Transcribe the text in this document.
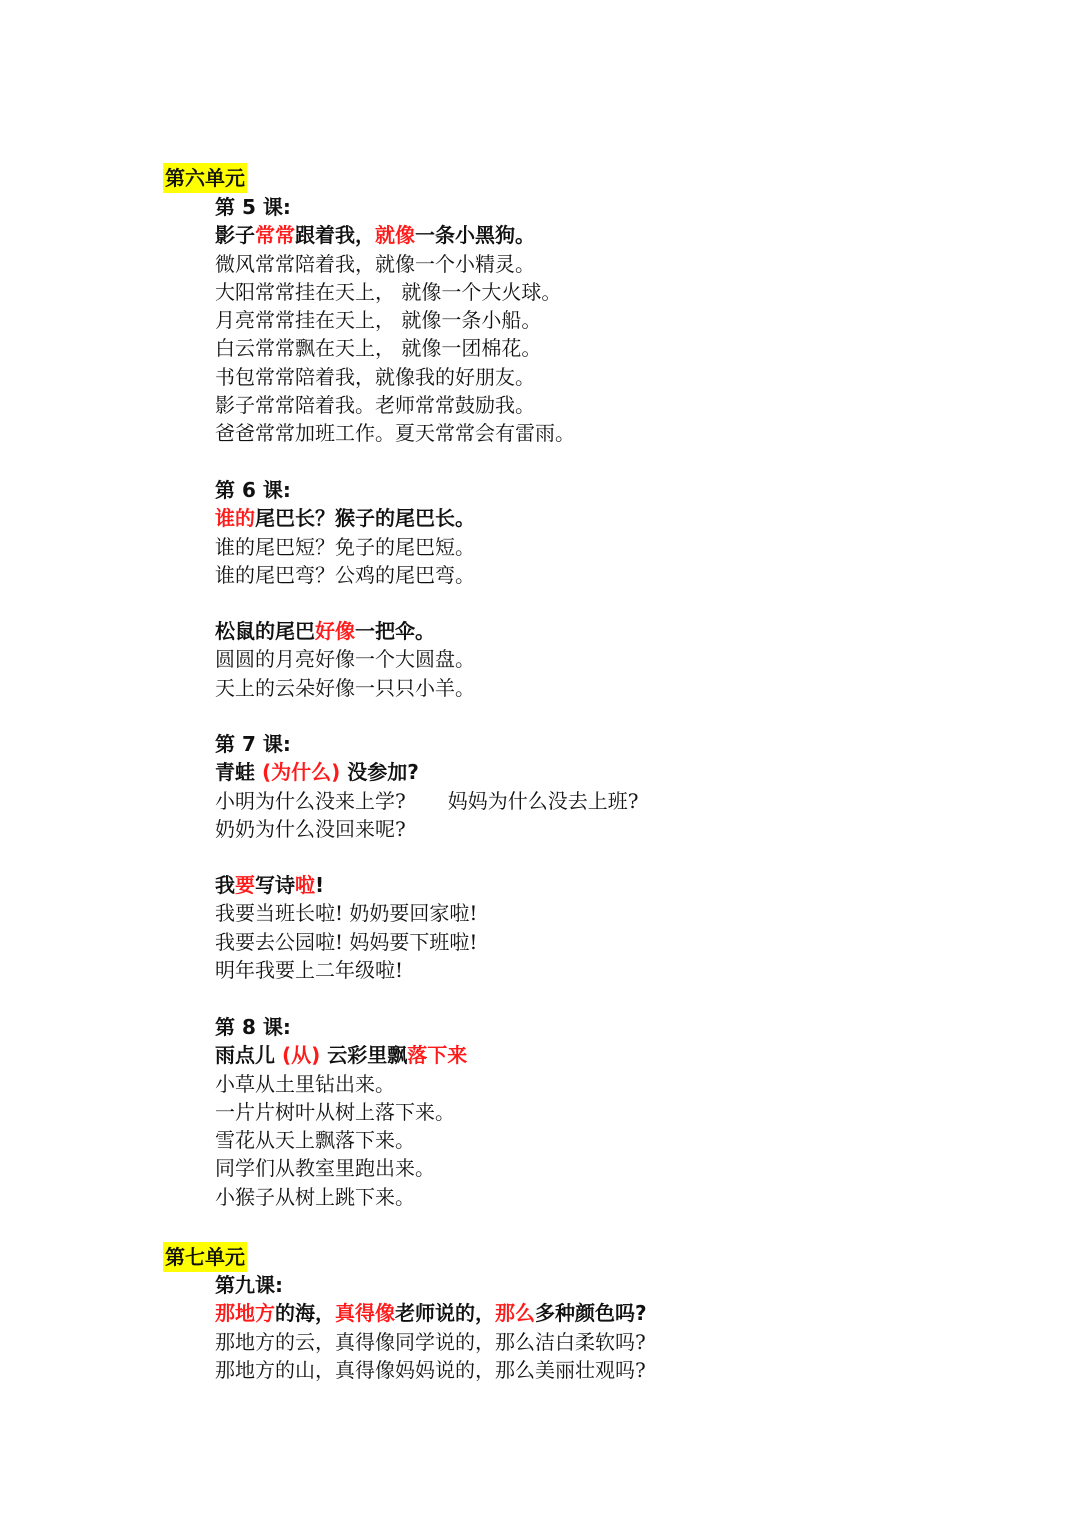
第六单元
第 5 课:
影子常常跟着我，就像一条小黑狗。
微风常常陪着我，就像一个小精灵。
大阳常常挂在天上， 就像一个大火球。
月亮常常挂在天上， 就像一条小船。
白云常常飘在天上， 就像一团棉花。
书包常常陪着我，就像我的好朋友。
影子常常陪着我。老师常常鼓励我。
爸爸常常加班工作。夏天常常会有雷雨。
第 6 课:
谁的尾巴长？猴子的尾巴长。
谁的尾巴短？免子的尾巴短。
谁的尾巴弯？公鸡的尾巴弯。
松鼠的尾巴好像一把伞。
圆圆的月亮好像一个大圆盘。
天上的云朵好像一只只小羊。
第 7 课:
青蛙 (为什么) 没参加?
小明为什么没来上学? 妈妈为什么没去上班?
奶奶为什么没回来呢?
我要写诗啦!
我要当班长啦! 奶奶要回家啦!
我要去公园啦! 妈妈要下班啦!
明年我要上二年级啦!
第 8 课:
雨点儿 (从) 云彩里飘落下来
小草从土里钻出来。
一片片树叶从树上落下来。
雪花从天上飘落下来。
同学们从教室里跑出来。
小猴子从树上跳下来。
第七单元
第九课:
那地方的海，真得像老师说的，那么多种颜色吗?
那地方的云，真得像同学说的，那么洁白柔软吗?
那地方的山，真得像妈妈说的，那么美丽壮观吗?
